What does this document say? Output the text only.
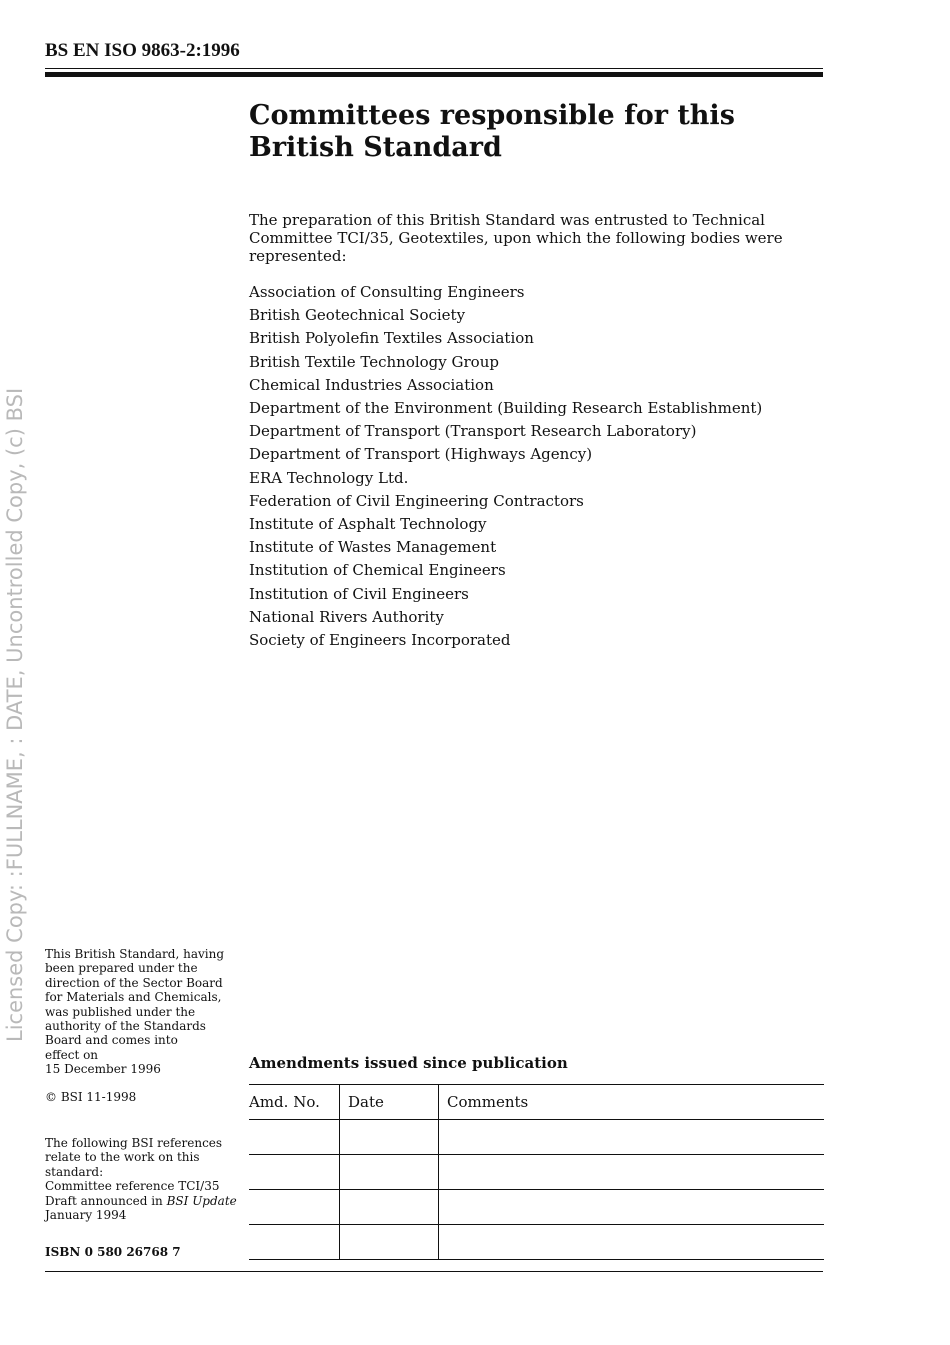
BS EN ISO 9863-2:1996
Committees responsible for this
British Standard

The preparation of this British Standard was entrusted to Technical Committee TCI/35, Geotextiles, upon which the following bodies were represented:

Association of Consulting Engineers
British Geotechnical Society
British Polyolefin Textiles Association
British Textile Technology Group
Chemical Industries Association
Department of the Environment (Building Research Establishment)
Department of Transport (Transport Research Laboratory)
Department of Transport (Highways Agency)
ERA Technology Ltd.
Federation of Civil Engineering Contractors
Institute of Asphalt Technology
Institute of Wastes Management
Institution of Chemical Engineers
Institution of Civil Engineers
National Rivers Authority
Society of Engineers Incorporated
Licensed Copy: :FULLNAME, : DATE, Uncontrolled Copy, (c) BSI This British Standard, having
been prepared under the
direction of the Sector Board
for Materials and Chemicals,
was published under the
authority of the Standards
Board and comes into
effect on
15 December 1996

© BSI 11-1998

The following BSI references
relate to the work on this
standard:
Committee reference TCI/35
Draft announced in BSI Update
January 1994

ISBN 0 580 26768 7

Amendments issued since publication

Amd. No.	Date	Comments
